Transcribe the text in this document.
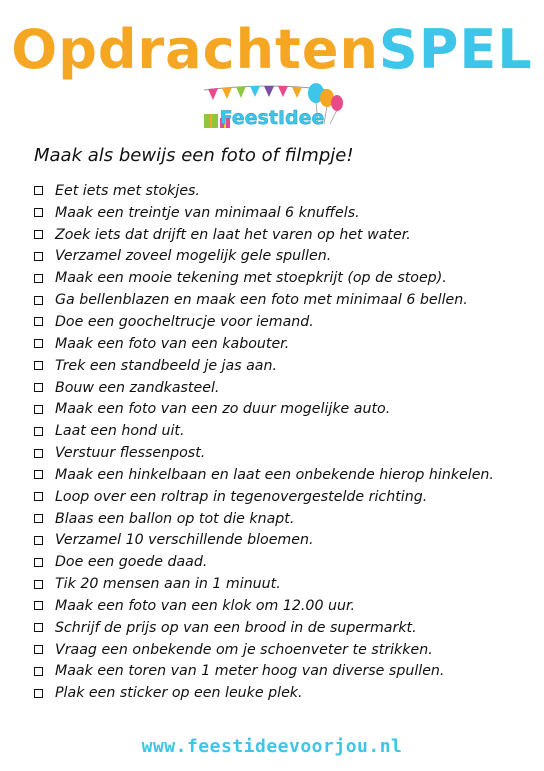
OpdrachtenSPEL
FeestIdee
Maak als bewijs een foto of filmpje!
Eet iets met stokjes.
Maak een treintje van minimaal 6 knuffels.
Zoek iets dat drijft en laat het varen op het water.
Verzamel zoveel mogelijk gele spullen.
Maak een mooie tekening met stoepkrijt (op de stoep).
Ga bellenblazen en maak een foto met minimaal 6 bellen.
Doe een goocheltrucje voor iemand.
Maak een foto van een kabouter.
Trek een standbeeld je jas aan.
Bouw een zandkasteel.
Maak een foto van een zo duur mogelijke auto.
Laat een hond uit.
Verstuur flessenpost.
Maak een hinkelbaan en laat een onbekende hierop hinkelen.
Loop over een roltrap in tegenovergestelde richting.
Blaas een ballon op tot die knapt.
Verzamel 10 verschillende bloemen.
Doe een goede daad.
Tik 20 mensen aan in 1 minuut.
Maak een foto van een klok om 12.00 uur.
Schrijf de prijs op van een brood in de supermarkt.
Vraag een onbekende om je schoenveter te strikken.
Maak een toren van 1 meter hoog van diverse spullen.
Plak een sticker op een leuke plek.
www.feestideevoorjou.nl
